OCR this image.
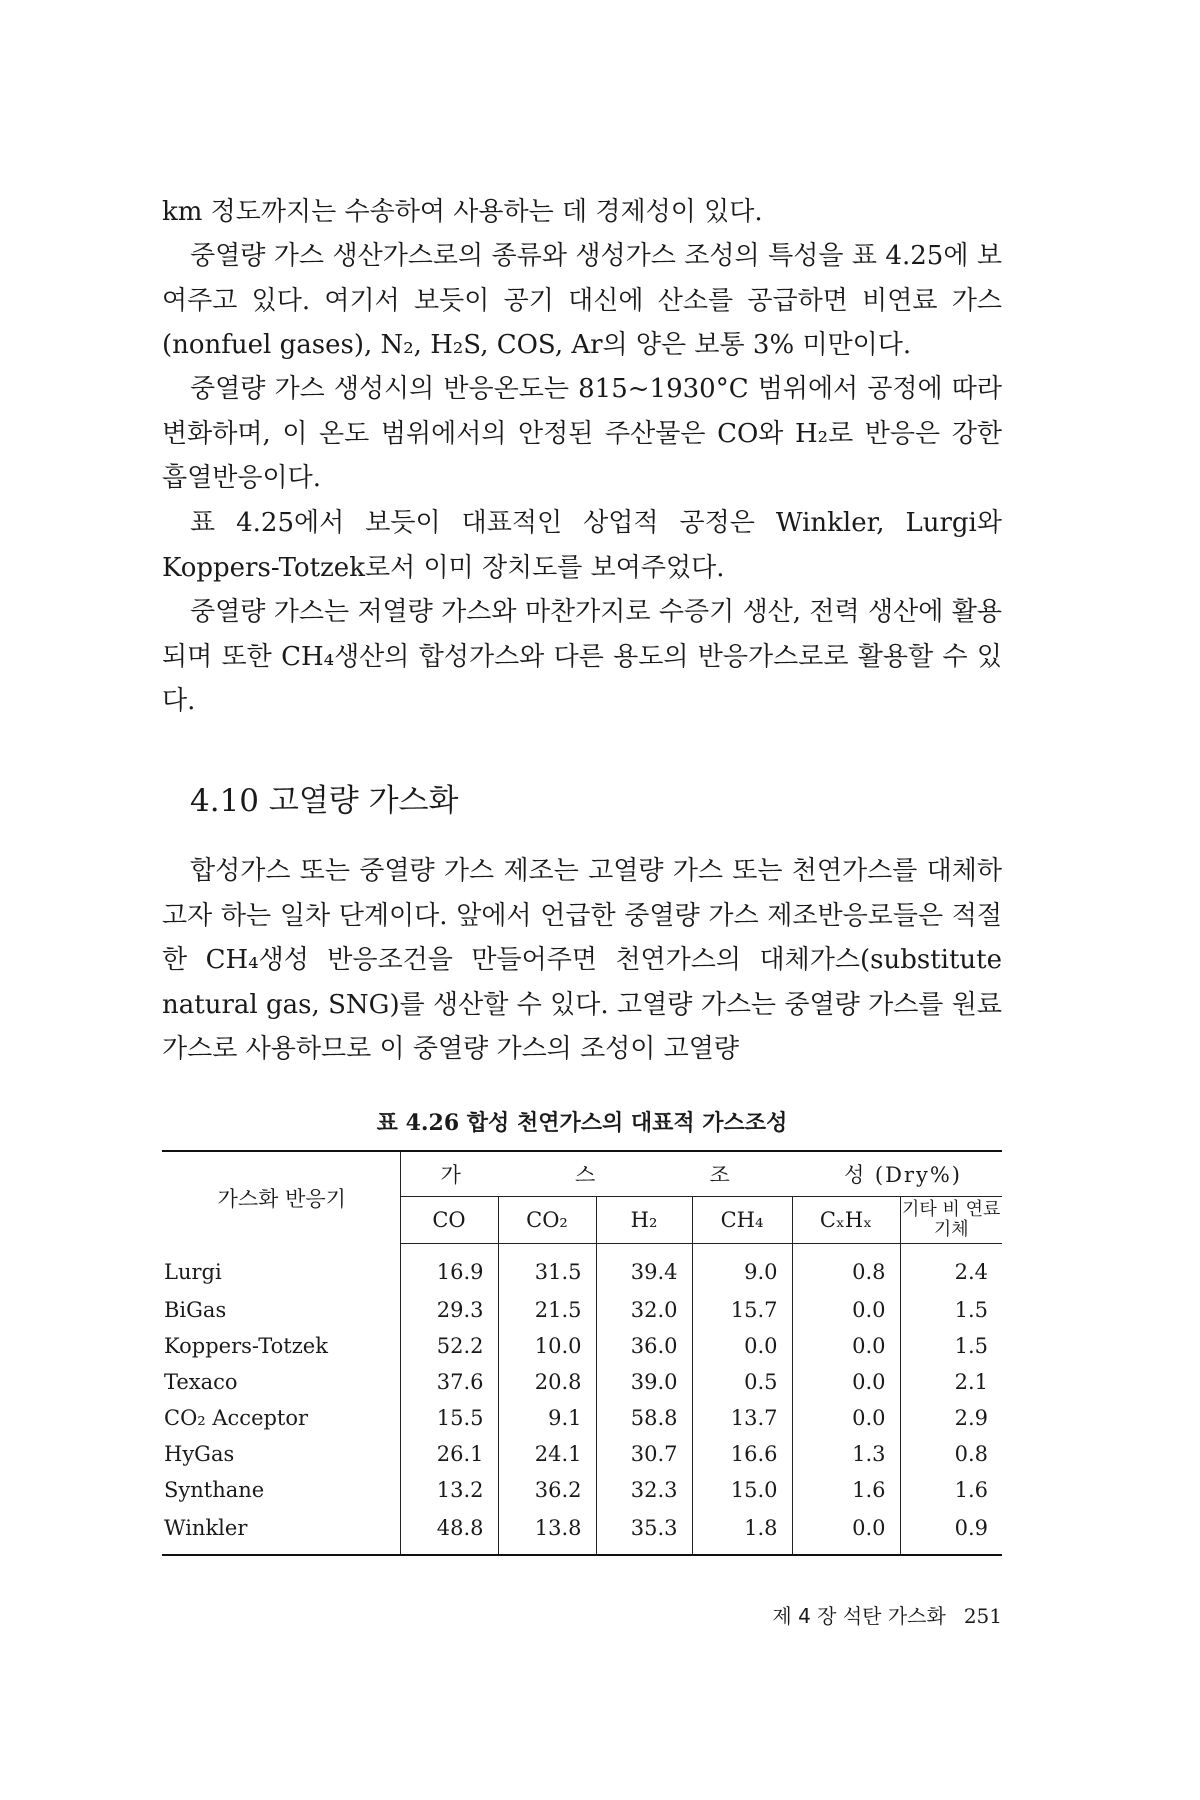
km 정도까지는 수송하여 사용하는 데 경제성이 있다.

중열량 가스 생산가스로의 종류와 생성가스 조성의 특성을 표 4.25에 보여주고 있다. 여기서 보듯이 공기 대신에 산소를 공급하면 비연료 가스(nonfuel gases), N₂, H₂S, COS, Ar의 양은 보통 3% 미만이다.

중열량 가스 생성시의 반응온도는 815~1930°C 범위에서 공정에 따라 변화하며, 이 온도 범위에서의 안정된 주산물은 CO와 H₂로 반응은 강한 흡열반응이다.

표 4.25에서 보듯이 대표적인 상업적 공정은 Winkler, Lurgi와 Koppers-Totzek로서 이미 장치도를 보여주었다.

중열량 가스는 저열량 가스와 마찬가지로 수증기 생산, 전력 생산에 활용되며 또한 CH₄생산의 합성가스와 다른 용도의 반응가스로로 활용할 수 있다.

4.10 고열량 가스화

합성가스 또는 중열량 가스 제조는 고열량 가스 또는 천연가스를 대체하고자 하는 일차 단계이다. 앞에서 언급한 중열량 가스 제조반응로들은 적절한 CH₄생성 반응조건을 만들어주면 천연가스의 대체가스(substitute natural gas, SNG)를 생산할 수 있다. 고열량 가스는 중열량 가스를 원료 가스로 사용하므로 이 중열량 가스의 조성이 고열량

표 4.26 합성 천연가스의 대표적 가스조성
가스화 반응기	가 스 조 성 (Dry%)					

	CO	CO₂	H₂	CH₄	CₓHₓ	기타 비 연료기체
Lurgi	16.9	31.5	39.4	9.0	0.8	2.4
BiGas	29.3	21.5	32.0	15.7	0.0	1.5
Koppers-Totzek	52.2	10.0	36.0	0.0	0.0	1.5
Texaco	37.6	20.8	39.0	0.5	0.0	2.1
CO₂ Acceptor	15.5	9.1	58.8	13.7	0.0	2.9
HyGas	26.1	24.1	30.7	16.6	1.3	0.8
Synthane	13.2	36.2	32.3	15.0	1.6	1.6
Winkler	48.8	13.8	35.3	1.8	0.0	0.9
제 4 장 석탄 가스화 251
